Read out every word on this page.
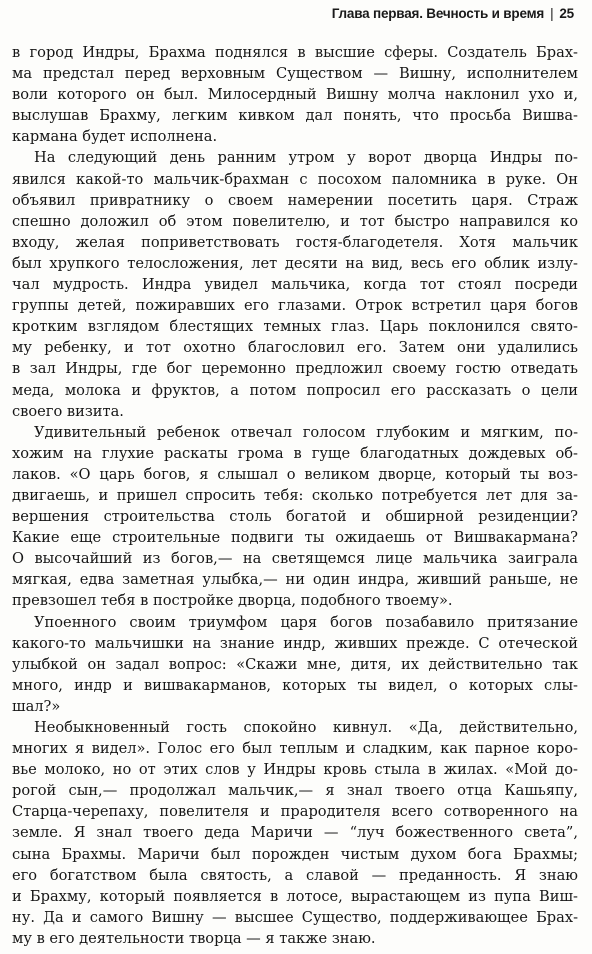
Глава первая. Вечность и время | 25
в город Индры, Брахма поднялся в высшие сферы. Создатель Брах-
ма предстал перед верховным Существом — Вишну, исполнителем
воли которого он был. Милосердный Вишну молча наклонил ухо и,
выслушав Брахму, легким кивком дал понять, что просьба Вишва-
кармана будет исполнена.
На следующий день ранним утром у ворот дворца Индры по-
явился какой-то мальчик-брахман с посохом паломника в руке. Он
объявил привратнику о своем намерении посетить царя. Страж
спешно доложил об этом повелителю, и тот быстро направился ко
входу, желая поприветствовать гостя-благодетеля. Хотя мальчик
был хрупкого телосложения, лет десяти на вид, весь его облик излу-
чал мудрость. Индра увидел мальчика, когда тот стоял посреди
группы детей, пожиравших его глазами. Отрок встретил царя богов
кротким взглядом блестящих темных глаз. Царь поклонился свято-
му ребенку, и тот охотно благословил его. Затем они удалились
в зал Индры, где бог церемонно предложил своему гостю отведать
меда, молока и фруктов, а потом попросил его рассказать о цели
своего визита.
Удивительный ребенок отвечал голосом глубоким и мягким, по-
хожим на глухие раскаты грома в гуще благодатных дождевых об-
лаков. «О царь богов, я слышал о великом дворце, который ты воз-
двигаешь, и пришел спросить тебя: сколько потребуется лет для за-
вершения строительства столь богатой и обширной резиденции?
Какие еще строительные подвиги ты ожидаешь от Вишвакармана?
О высочайший из богов,— на светящемся лице мальчика заиграла
мягкая, едва заметная улыбка,— ни один индра, живший раньше, не
превзошел тебя в постройке дворца, подобного твоему».
Упоенного своим триумфом царя богов позабавило притязание
какого-то мальчишки на знание индр, живших прежде. С отеческой
улыбкой он задал вопрос: «Скажи мне, дитя, их действительно так
много, индр и вишвакарманов, которых ты видел, о которых слы-
шал?»
Необыкновенный гость спокойно кивнул. «Да, действительно,
многих я видел». Голос его был теплым и сладким, как парное коро-
вье молоко, но от этих слов у Индры кровь стыла в жилах. «Мой до-
рогой сын,— продолжал мальчик,— я знал твоего отца Кашьяпу,
Старца-черепаху, повелителя и прародителя всего сотворенного на
земле. Я знал твоего деда Маричи — “луч божественного света”,
сына Брахмы. Маричи был порожден чистым духом бога Брахмы;
его богатством была святость, а славой — преданность. Я знаю
и Брахму, который появляется в лотосе, вырастающем из пупа Виш-
ну. Да и самого Вишну — высшее Существо, поддерживающее Брах-
му в его деятельности творца — я также знаю.
